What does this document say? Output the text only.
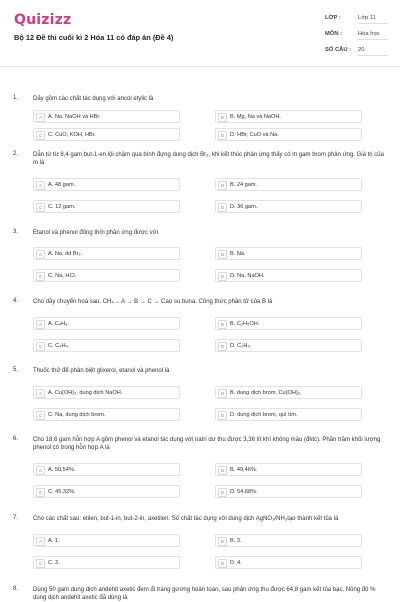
Quizizz
Bộ 12 Đề thi cuối kì 2 Hóa 11 có đáp án (Đề 4)
LỚP :	Lớp 11
MÔN :	Hóa học
SỐ CÂU : 20
1. Dãy gồm các chất tác dụng với ancol etylic là
A	A. Na, NaOH và HBr.	B	B. Mg, Na và NaOH.
C	C. CuO, KOH, HBr.	D	D. HBr, CuO và Na.
2. Dẫn từ từ 8,4 gam but-1-en lội chậm qua bình đựng dung dịch Br₂, khi kết thúc phản ứng thấy có m gam brom phản ứng. Giá trị của m là
A	A. 48 gam.	B	B. 24 gam.
C	C. 12 gam.	D	D. 36 gam.
3. Etanol và phenol đồng thời phản ứng được với
A	A. Na, dd Br₂.	B	B. Na.
C	C. Na, HCl.	D	D. Na, NaOH.
4. Cho dãy chuyển hoá sau. CH₄→ A → B → C → Cao su buna. Công thức phân tử của B là
A	A. C₄H₆.	B	B. C₂H₅OH.
C	C. C₄H₄.	D	D. C₂H₂.
5. Thuốc thử để phân biệt glixerol, etanol và phenol là
A	A. Cu(OH)₂, dung dịch NaOH.	B	B. dung dịch brom, Cu(OH)₂.
C	C. Na, dung dịch brom.	D	D. dung dịch brom, quì tím.
6. Cho 18,6 gam hỗn hợp A gồm phenol và etanol tác dụng với natri dư thu được 3,36 lít khí không màu (đktc). Phần trăm khối lượng phenol có trong hỗn hợp A là
A	A. 50,54%.	B	B. 49,46%.
C	C. 45,32%.	D	D. 54,68%.
7. Cho các chất sau: etilen, but-1-in, but-2-in, axetilen. Số chất tác dụng với dung dịch AgNO₃/NH₃tạo thành kết tủa là
A	A. 1.	B	B. 3.
C	C. 2.	D	D. 4.
8. Dùng 50 gam dung dịch andehit axetic đem đi tráng gương hoàn toàn, sau phản ứng thu được 64,8 gam kết tủa bạc. Nồng độ % dung dịch andehit axetic đã dùng là
